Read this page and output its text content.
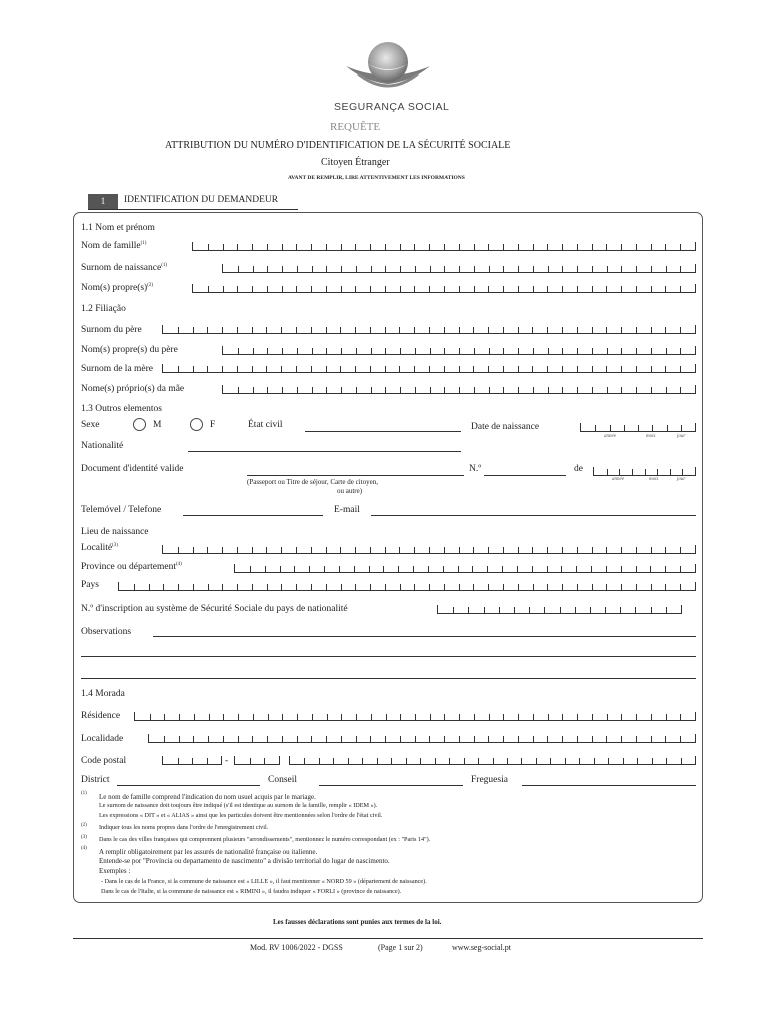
SEGURANÇA SOCIAL
REQUÊTE
ATTRIBUTION DU NUMÉRO D'IDENTIFICATION DE LA SÉCURITÉ SOCIALE
Citoyen Étranger
AVANT DE REMPLIR, LIRE ATTENTIVEMENT LES INFORMATIONS
1	IDENTIFICATION DU DEMANDEUR
1.1 Nom et prénom
Nom de famille$^{(1)}$
Surnom de naissance$^{(1)}$
Nom(s) propre(s)$^{(2)}$
1.2 Filiação
Surnom du père
Nom(s) propre(s) du père
Surnom de la mère
Nome(s) próprio(s) da mãe
1.3 Outros elementos
Sexe	M	F	État civil	Date de naissance
année	mois	jour
Nationalité
Document d'identité valide
(Passeport ou Titre de séjour, Carte de citoyen,
ou autre)
N.º	de
année	mois	jour
Telemóvel / Telefone	E-mail
Lieu de naissance
Localité$^{(3)}$
Province ou département$^{(4)}$
Pays
N.º d'inscription au système de Sécurité Sociale du pays de nationalité
Observations
1.4 Morada
Résidence
Localidade
Code postal	-
District	Conseil	Freguesia
(1) Le nom de famille comprend l'indication du nom usuel acquis par le mariage.
Le surnom de naissance doit toujours être indiqué (s'il est identique au surnom de la famille, remplir « IDEM »).
Les expressions « DIT » et « ALIAS » ainsi que les particules doivent être mentionnées selon l'ordre de l'état civil.
(2) Indiquer tous les noms propres dans l'ordre de l'enregistrement civil.
(3) Dans le cas des villes françaises qui comprennent plusieurs "arrondissements", mentionnez le numéro correspondant (ex : "Paris 14").
(4) A remplir obligatoirement par les assurés de nationalité française ou italienne.
Entende-se por "Província ou departamento de nascimento" a divisão territorial do lugar de nascimento.
Exemples :
- Dans le cas de la France, si la commune de naissance est « LILLE », il faut mentionner « NORD 59 » (département de naissance).
Dans le cas de l'Italie, si la commune de naissance est « RIMINI », il faudra indiquer « FORLI » (province de naissance).
Les fausses déclarations sont punies aux termes de la loi.
Mod. RV 1006/2022 - DGSS	(Page 1 sur 2)	www.seg-social.pt
